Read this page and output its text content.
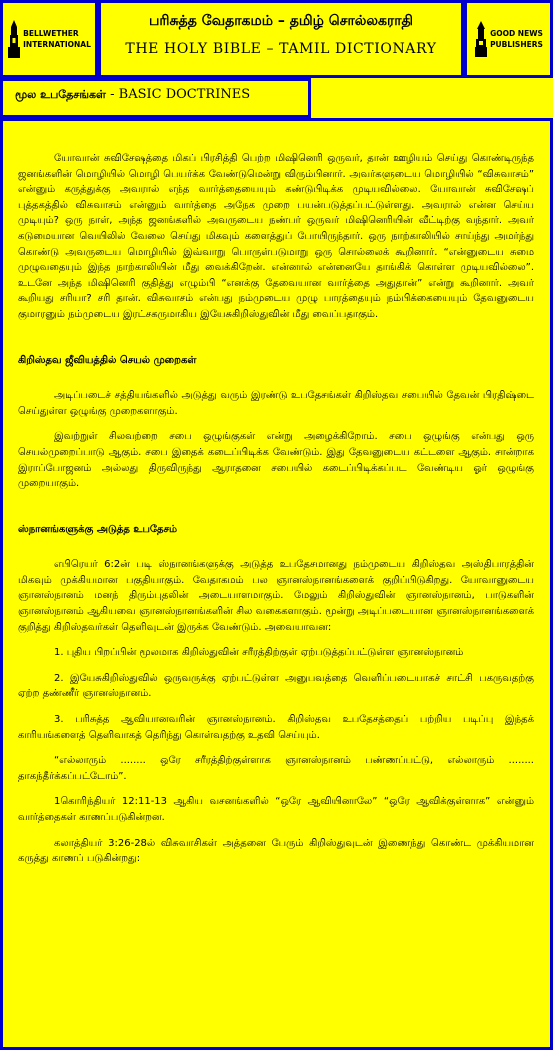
BELLWETHER
INTERNATIONAL
பரிசுத்த வேதாகமம் – தமிழ் சொல்லகராதி
THE HOLY BIBLE – TAMIL DICTIONARY
GOOD NEWS
PUBLISHERS
மூல உபதேசங்கள் - BASIC DOCTRINES

யோவான் சுவிசேஷத்தை மிகப் பிரசித்தி பெற்ற மிஷினெரி ஒருவர், தான் ஊழியம் செய்து கொண்டிருந்த ஜனங்களின் மொழியில் மொழி பெயர்க்க வேண்டுமென்று விரும்பினார். அவர்களுடைய மொழியில் “விசுவாசம்” என்னும் கருத்துக்கு அவரால் எந்த வார்த்தையையும் கண்டுபிடிக்க முடியவில்லை. யோவான் சுவிசேஷப் புத்தகத்தில் விசுவாசம் என்னும் வார்த்தை அநேக முறை பயன்படுத்தப்பட்டுள்ளது. அவரால் என்ன செய்ய முடியும்? ஒரு நாள், அந்த ஜனங்களில் அவருடைய நண்பர் ஒருவர் மிஷினெரியின் வீட்டிற்கு வந்தார். அவர் கடுமையான வெயிலில் வேலை செய்து மிகவும் களைத்துப் போயிருந்தார். ஒரு நாற்காலியில் சாய்ந்து அமர்ந்து கொண்டு அவருடைய மொழியில் இவ்வாறு பொருள்படுமாறு ஒரு சொல்லைக் கூறினார். “என்னுடைய சுமை முழுவதையும் இந்த நாற்காலியின் மீது வைக்கிறேன். என்னால் என்னையே தாங்கிக் கொள்ள முடியவில்லை”. உடனே அந்த மிஷினெரி குதித்து எழும்பி “எனக்கு தேவையான வார்த்தை அதுதான்” என்று கூறினார். அவர் கூறியது சரியா? சரி தான். விசுவாசம் என்பது நம்முடைய முழு பாரத்தையும் நம்பிக்கையையும் தேவனுடைய குமாரனும் நம்முடைய இரட்சகருமாகிய இயேசுகிறிஸ்துவின் மீது வைப்பதாகும்.

கிறிஸ்தவ ஜீவியத்தில் செயல் முறைகள்

அடிப்படைச் சத்தியங்களில் அடுத்து வரும் இரண்டு உபதேசங்கள் கிறிஸ்தவ சபையில் தேவன் பிரதிஷ்டை செய்துள்ள ஒழுங்கு முறைகளாகும்.

இவற்றுள் சிலவற்றை சபை ஒழுங்குகள் என்று அழைக்கிறோம். சபை ஒழுங்கு என்பது ஒரு செயல்முறைப்பாடு ஆகும். சபை இதைக் கடைப்பிடிக்க வேண்டும். இது தேவனுடைய கட்டளை ஆகும். சான்றாக இராப்போஜனம் அல்லது திருவிருந்து ஆராதனை சபையில் கடைப்பிடிக்கப்பட வேண்டிய ஓர் ஒழுங்கு முறையாகும்.

ஸ்நானங்களுக்கு அடுத்த உபதேசம்

எபிரெயர் 6:2ன் படி ஸ்நானங்களுக்கு அடுத்த உபதேசமானது நம்முடைய கிறிஸ்தவ அஸ்திபாரத்தின் மிகவும் முக்கியமான பகுதியாகும். வேதாகமம் பல ஞானஸ்நானங்களைக் குறிப்பிடுகிறது. யோவானுடைய ஞானஸ்நானம் மனந் திரும்புதலின் அடையாளமாகும். மேலும் கிறிஸ்துவின் ஞானஸ்நானம், பாடுகளின் ஞானஸ்நானம் ஆகியவை ஞானஸ்நானங்களின் சில வகைகளாகும். மூன்று அடிப்படையான ஞானஸ்நானங்களைக் குறித்து கிறிஸ்தவர்கள் தெளிவுடன் இருக்க வேண்டும். அவையாவன:

1. புதிய பிறப்பின் மூலமாக கிறிஸ்துவின் சரீரத்திற்குள் ஏற்படுத்தப்பட்டுள்ள ஞானஸ்நானம்

2. இயேசுகிறிஸ்துவில் ஒருவருக்கு ஏற்பட்டுள்ள அனுபவத்தை வெளிப்படையாகச் சாட்சி பகருவதற்கு ஏற்ற தண்ணீர் ஞானஸ்நானம்.

3. பரிசுத்த ஆவியானவரின் ஞானஸ்நானம். கிறிஸ்தவ உபதேசத்தைப் பற்றிய படிப்பு இந்தக் காரியங்களைத் தெளிவாகத் தெரிந்து கொள்வதற்கு உதவி செய்யும்.

“எல்லாரும் ........ ஒரே சரீரத்திற்குள்ளாக ஞானஸ்நானம் பண்ணப்பட்டு, எல்லாரும் ........ தாகந்தீர்க்கப்பட்டோம்”.

1கொரிந்தியர் 12:11-13 ஆகிய வசனங்களில் “ஒரே ஆவியினாலே” “ஒரே ஆவிக்குள்ளாக” என்னும் வார்த்தைகள் காணப்படுகின்றன.

கலாத்தியர் 3:26-28ல் விசுவாசிகள் அத்தனை பேரும் கிறிஸ்துவுடன் இணைந்து கொண்ட முக்கியமான கருத்து காணப் படுகின்றது:
